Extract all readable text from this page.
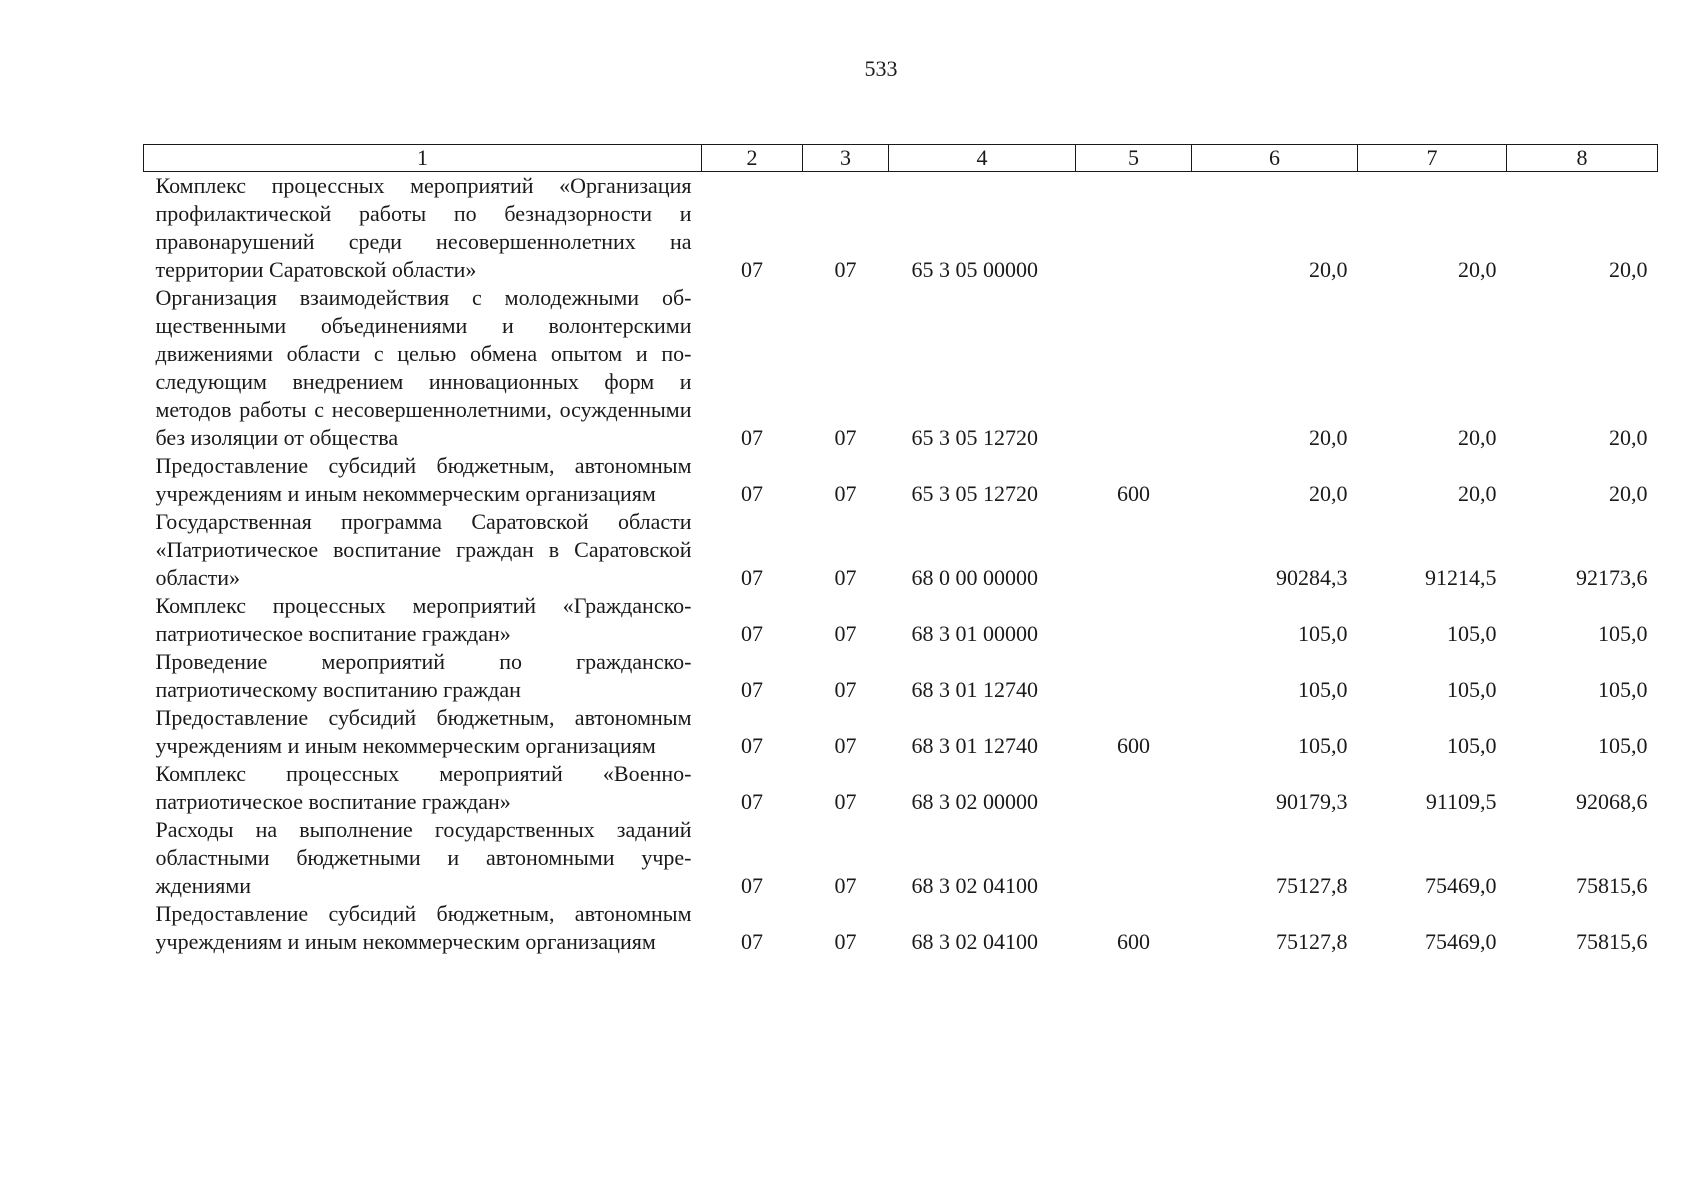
533
1	2	3	4	5	6	7	8
Комплекс процессных мероприятий «Организация профилактической работы по безнадзорности и правонарушений среди несовершеннолетних на территории Саратовской области»	07	07	65 3 05 00000		20,0	20,0	20,0
Организация взаимодействия с молодежными общественными объединениями и волонтерскими движениями области с целью обмена опытом и последующим внедрением инновационных форм и методов работы с несовершеннолетними, осужденными без изоляции от общества	07	07	65 3 05 12720		20,0	20,0	20,0
Предоставление субсидий бюджетным, автономным учреждениям и иным некоммерческим организациям	07	07	65 3 05 12720	600	20,0	20,0	20,0
Государственная программа Саратовской области «Патриотическое воспитание граждан в Саратовской области»	07	07	68 0 00 00000		90284,3	91214,5	92173,6
Комплекс процессных мероприятий «Гражданско-патриотическое воспитание граждан»	07	07	68 3 01 00000		105,0	105,0	105,0
Проведение мероприятий по гражданско-патриотическому воспитанию граждан	07	07	68 3 01 12740		105,0	105,0	105,0
Предоставление субсидий бюджетным, автономным учреждениям и иным некоммерческим организациям	07	07	68 3 01 12740	600	105,0	105,0	105,0
Комплекс процессных мероприятий «Военно-патриотическое воспитание граждан»	07	07	68 3 02 00000		90179,3	91109,5	92068,6
Расходы на выполнение государственных заданий областными бюджетными и автономными учреждениями	07	07	68 3 02 04100		75127,8	75469,0	75815,6
Предоставление субсидий бюджетным, автономным учреждениям и иным некоммерческим организациям	07	07	68 3 02 04100	600	75127,8	75469,0	75815,6
